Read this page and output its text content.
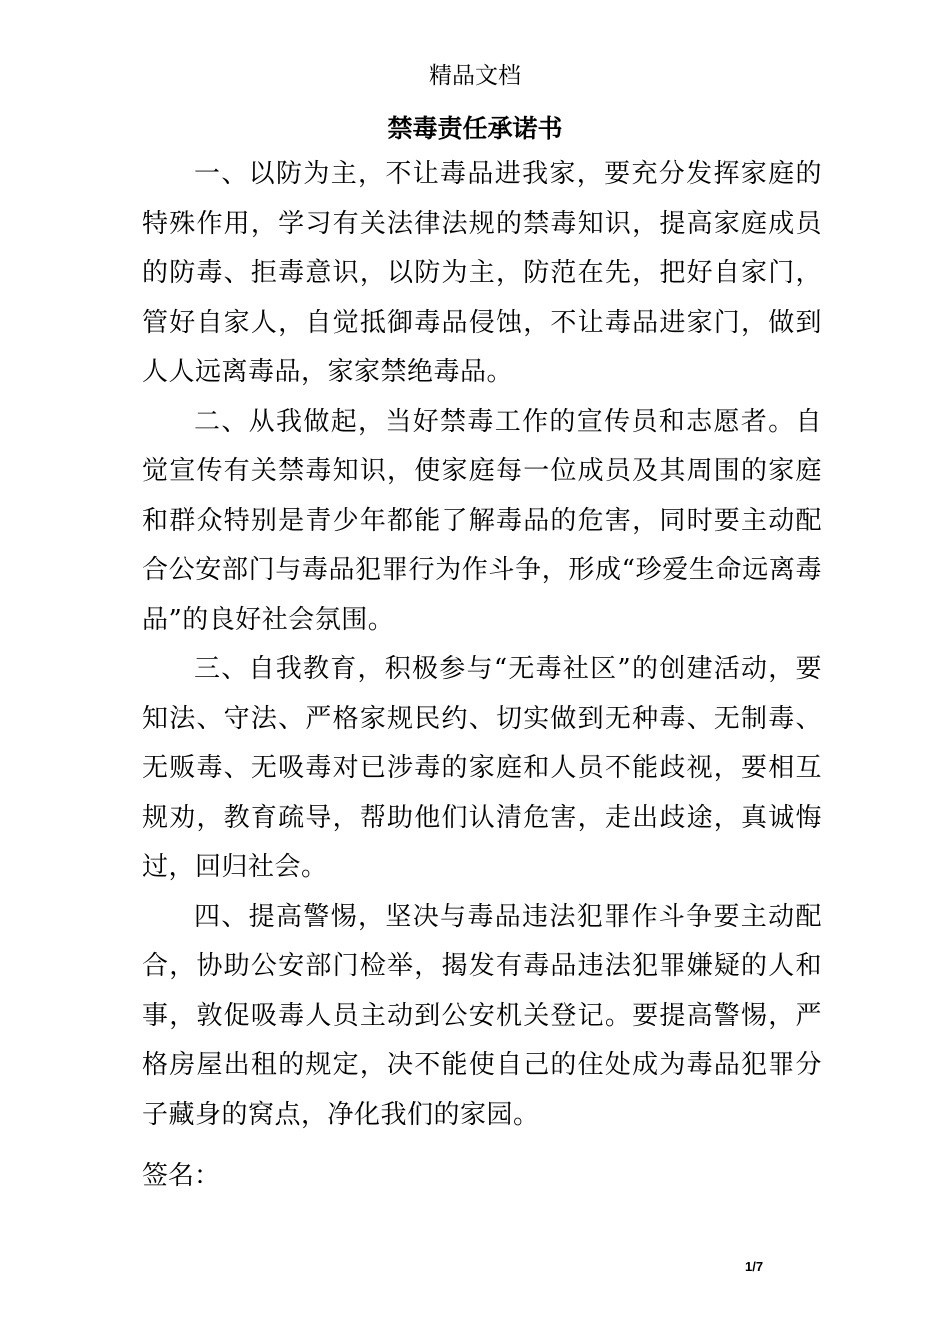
精品文档
禁毒责任承诺书

一、以防为主，不让毒品进我家，要充分发挥家庭的特殊作用，学习有关法律法规的禁毒知识，提高家庭成员的防毒、拒毒意识，以防为主，防范在先，把好自家门，管好自家人，自觉抵御毒品侵蚀，不让毒品进家门，做到人人远离毒品，家家禁绝毒品。

二、从我做起，当好禁毒工作的宣传员和志愿者。自觉宣传有关禁毒知识，使家庭每一位成员及其周围的家庭和群众特别是青少年都能了解毒品的危害，同时要主动配合公安部门与毒品犯罪行为作斗争，形成“珍爱生命远离毒品”的良好社会氛围。

三、自我教育，积极参与“无毒社区”的创建活动，要知法、守法、严格家规民约、切实做到无种毒、无制毒、无贩毒、无吸毒对已涉毒的家庭和人员不能歧视，要相互规劝，教育疏导，帮助他们认清危害，走出歧途，真诚悔过，回归社会。

四、提高警惕，坚决与毒品违法犯罪作斗争要主动配合，协助公安部门检举，揭发有毒品违法犯罪嫌疑的人和事，敦促吸毒人员主动到公安机关登记。要提高警惕，严格房屋出租的规定，决不能使自己的住处成为毒品犯罪分子藏身的窝点，净化我们的家园。

签名：
1/7
